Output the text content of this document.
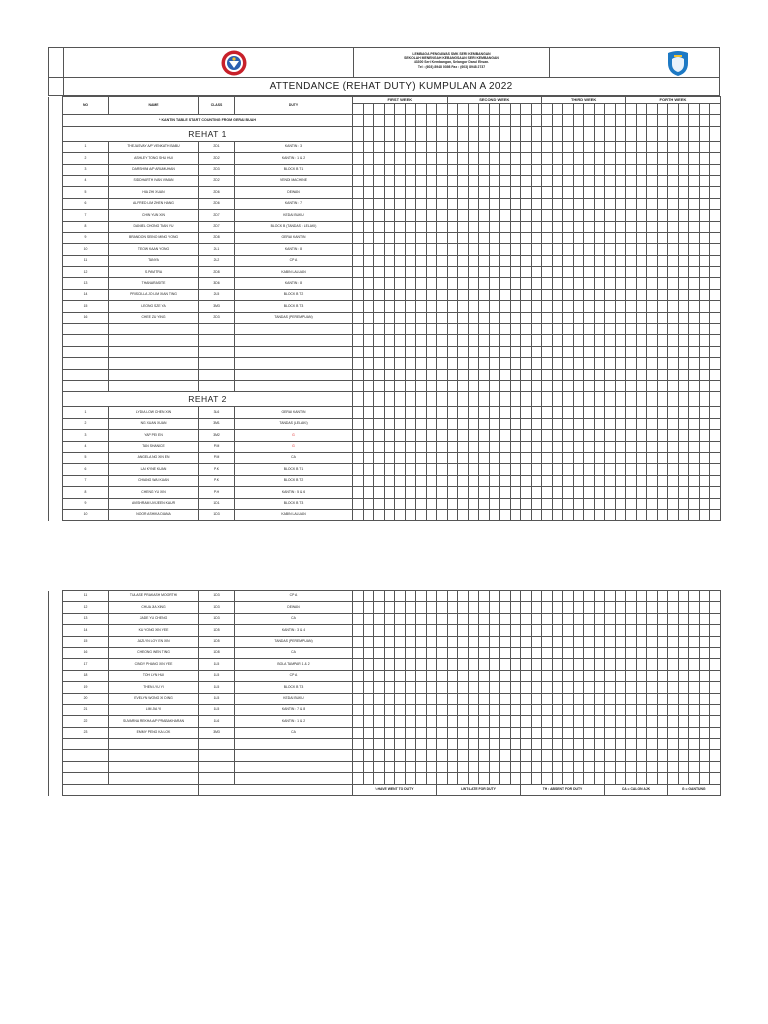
LEMBAGA PENGAWAS SMK SERI KEMBANGAN
SEKOLAH MENENGAH KEBANGSAAN SERI KEMBANGAN
43300 Seri Kembangan, Selangor Darul Ehsan.
Tel : (603) 8948 0398 Fax : (603) 8948 2737
ATTENDANCE (REHAT DUTY) KUMPULAN A 2022
	NO	NAME	CLASS	DUTY	FIRST WEEK									SECOND WEEK									THIRD WEEK								FORTH WEEK								

	* KANTIN TABLE START COUNTING FROM GERAI BUAH																																						
	REHAT 1																																						
	1	THEJASVAY A/P VENKATH BABU	2D1	KANTIN : 3																																			
	2	ASHLEY TONG SHU HUI	2D2	KANTIN : 1 & 2																																			
	3	DARSHINI A/P ARUMUHAN	2D3	BLOCK B T1																																			
	4	SIDDHARTH IVAN VIMAN	2D2	VENDI MACHINE																																			
	5	HIA ZHI XUAN	2D6	DEWAN																																			
	6	ALFRED LIM ZHEN HANG	2D6	KANTIN : 7																																			
	7	CHIN YUN XIN	2D7	KEDAI BUKU																																			
	8	DANIEL CHONG TIAN YU	2D7	BLOCK B (TANDAS : LELAKI)																																			
	9	BRANDON SEINO MING YONG	2D8	GERAI KANTIN																																			
	10	TEOW KAAN YONG	2L1	KANTIN : 8																																			
	11	TANYA	2L2	CP A																																			
	12	S.PAVITRA	2D8	KABIN LALUAN																																			
	13	THANARASITE	3D6	KANTIN : 8																																			
	14	PRISCILLA JO LIM XIAN TING	2L5	BLOCK B T2																																			
	15	LEONG SZE YA	3M3	BLOCK B T3																																			
	16	CHEE ZU YING	2D3	TANDAS (PEREMPUAN)																																			

	REHAT 2																																						
	1	LYDIA LOW CHEN XIN	3L6	GERAI KANTIN																																			
	2	NG XUAN XUAN	3M1	TANDAS (LELAKI)																																			
	3	YAP PEI EN	3M2	G																																			
	4	TAN SHANICE	P.M	G																																			
	5	ANGELA NG XIN EN	P.M	CA																																			
	6	LAI KYNE KUAN	P.K	BLOCK B T1																																			
	7	CHIANG WAI KUAN	P.K	BLOCK B T2																																			
	8	CHENG YU XIN	P.H	KANTIN : 5 & 6																																			
	9	AVISHRAM UVIJEEN KAUR	1D1	BLOCK B T3																																			
	10	NOOR ASHIKA DIANA	1D3	KABIN LALUAN																																			
	11	TULASE PRAKASH MOORTHI	1D3	CP A																																			
	12	CHUA JIA XING	1D3	DEWAN																																			
	13	JADE YU CHENG	1D3	CA																																			
	14	KU YONG XIN YEE	1D5	KANTIN : 3 & 4																																			
	15	JAZLYN LOY EN XIN	1D5	TANDAS (PEREMPUAN)																																			
	16	CHEONG WEN TING	1D8	CA																																			
	17	CINDY PHANG XIN YEE	1L5	BOLA TAMPAR 1 & 2																																			
	18	TOH LYN HUI	1L5	CP A																																			
	19	THEN LYU YI	1L5	BLOCK B T3																																			
	20	EVELYN WONG XI DING	1L5	KEDAI BUKU																																			
	21	LIM JIA YI	1L5	KANTIN : 7 & 8																																			
	22	SUVARNA REKHA A/P PRABAKHARAN	1L6	KANTIN : 1 & 2																																			
	23	EMMY PENG KA LOK	3M3	CA																																			

					\:HAVE WENT TO DUTY								LWT:LATE FOR DUTY								TH : ABSENT FOR DUTY								CA = CALON AJK						G = GANTUNG				
